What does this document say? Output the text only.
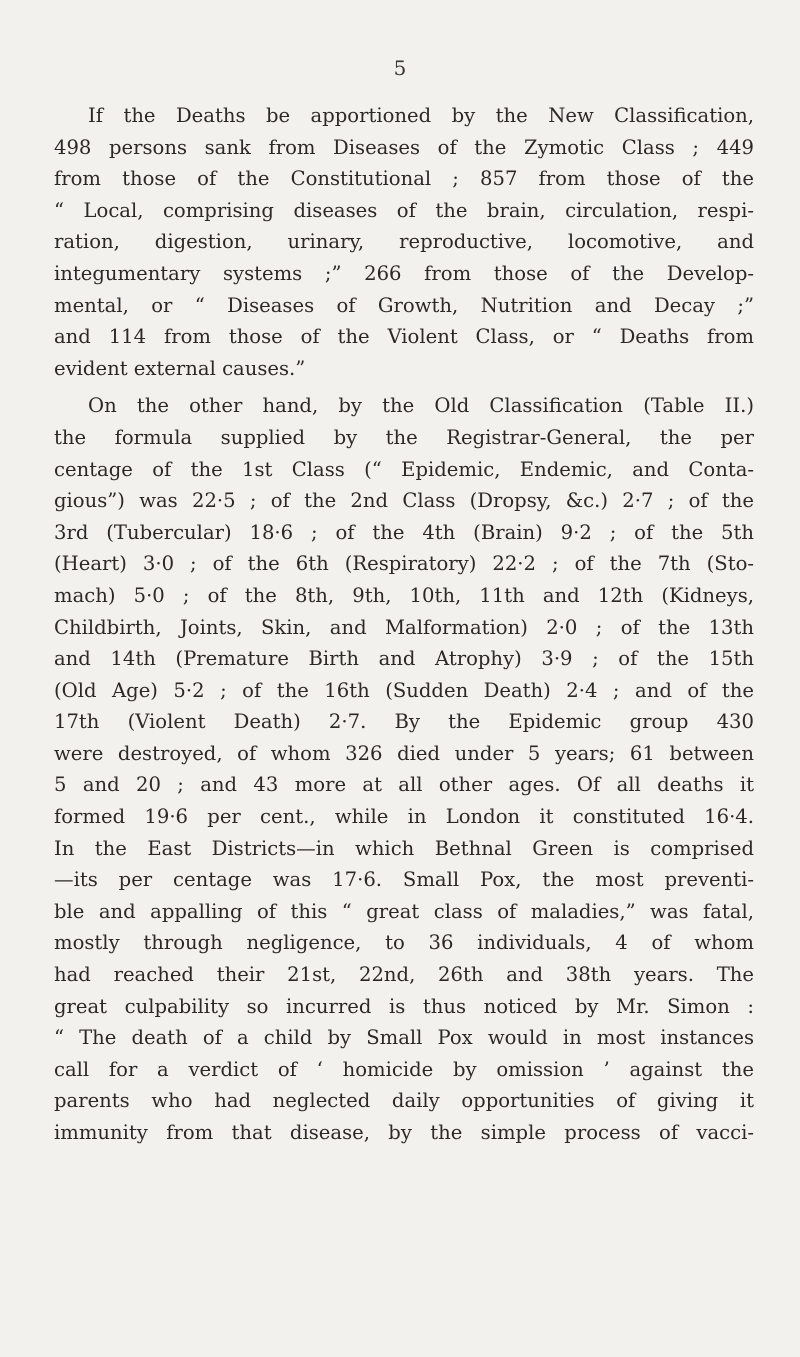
5

If the Deaths be apportioned by the New Classification,
498 persons sank from Diseases of the Zymotic Class ; 449
from those of the Constitutional ; 857 from those of the
“ Local, comprising diseases of the brain, circulation, respi-
ration, digestion, urinary, reproductive, locomotive, and
integumentary systems ;” 266 from those of the Develop-
mental, or “ Diseases of Growth, Nutrition and Decay ;”
and 114 from those of the Violent Class, or “ Deaths from
evident external causes.”

On the other hand, by the Old Classification (Table II.)
the formula supplied by the Registrar-General, the per
centage of the 1st Class (“ Epidemic, Endemic, and Conta-
gious”) was 22·5 ; of the 2nd Class (Dropsy, &c.) 2·7 ; of the
3rd (Tubercular) 18·6 ; of the 4th (Brain) 9·2 ; of the 5th
(Heart) 3·0 ; of the 6th (Respiratory) 22·2 ; of the 7th (Sto-
mach) 5·0 ; of the 8th, 9th, 10th, 11th and 12th (Kidneys,
Childbirth, Joints, Skin, and Malformation) 2·0 ; of the 13th
and 14th (Premature Birth and Atrophy) 3·9 ; of the 15th
(Old Age) 5·2 ; of the 16th (Sudden Death) 2·4 ; and of the
17th (Violent Death) 2·7. By the Epidemic group 430
were destroyed, of whom 326 died under 5 years; 61 between
5 and 20 ; and 43 more at all other ages. Of all deaths it
formed 19·6 per cent., while in London it constituted 16·4.
In the East Districts—in which Bethnal Green is comprised
—its per centage was 17·6. Small Pox, the most preventi-
ble and appalling of this “ great class of maladies,” was fatal,
mostly through negligence, to 36 individuals, 4 of whom
had reached their 21st, 22nd, 26th and 38th years. The
great culpability so incurred is thus noticed by Mr. Simon :
“ The death of a child by Small Pox would in most instances
call for a verdict of ‘ homicide by omission ’ against the
parents who had neglected daily opportunities of giving it
immunity from that disease, by the simple process of vacci-
